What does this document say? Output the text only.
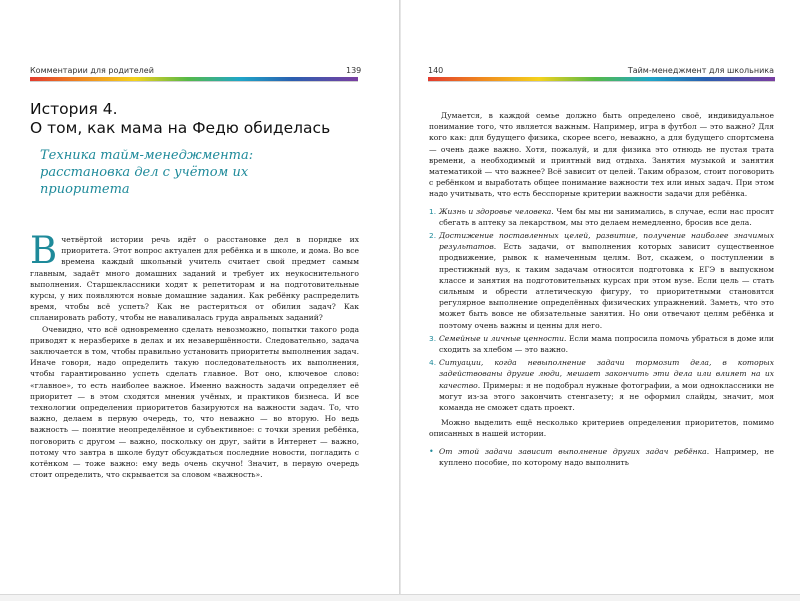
Комментарии для родителей	139
История 4.
О том, как мама на Федю обиделась
Техника тайм-менеджмента: расстановка дел с учётом их приоритета

Вчетвёртой истории речь идёт о расстановке дел в порядке их приоритета. Этот вопрос актуален для ребёнка и в школе, и дома. Во все времена каждый школьный учитель считает свой предмет самым главным, задаёт много домашних заданий и требует их неукоснительного выполнения. Старшеклассники ходят к репетиторам и на подготовительные курсы, у них появляются новые домашние задания. Как ребёнку распределить время, чтобы всё успеть? Как не растеряться от обилия задач? Как спланировать работу, чтобы не наваливалась груда авральных заданий?

Очевидно, что всё одновременно сделать невозможно, попытки такого рода приводят к неразберихе в делах и их незавершённости. Следовательно, задача заключается в том, чтобы правильно установить приоритеты выполнения задач. Иначе говоря, надо определить такую последовательность их выполнения, чтобы гарантированно успеть сделать главное. Вот оно, ключевое слово: «главное», то есть наиболее важное. Именно важность задачи определяет её приоритет — в этом сходятся мнения учёных, и практиков бизнеса. И все технологии определения приоритетов базируются на важности задач. То, что важно, делаем в первую очередь, то, что неважно — во вторую. Но ведь важность — понятие неопределённое и субъективное: с точки зрения ребёнка, поговорить с другом — важно, поскольку он друг, зайти в Интернет — важно, потому что завтра в школе будут обсуждаться последние новости, погладить с котёнком — тоже важно: ему ведь очень скучно! Значит, в первую очередь стоит определить, что скрывается за словом «важность».

140	Тайм-менеджмент для школьника

Думается, в каждой семье должно быть определено своё, индивидуальное понимание того, что является важным. Например, игра в футбол — это важно? Для кого как: для будущего физика, скорее всего, неважно, а для будущего спортсмена — очень даже важно. Хотя, пожалуй, и для физика это отнюдь не пустая трата времени, а необходимый и приятный вид отдыха. Занятия музыкой и занятия математикой — что важнее? Всё зависит от целей. Таким образом, стоит поговорить с ребёнком и выработать общее понимание важности тех или иных задач. При этом надо учитывать, что есть бесспорные критерии важности задачи для ребёнка.

1. Жизнь и здоровье человека. Чем бы мы ни занимались, в случае, если нас просят сбегать в аптеку за лекарством, мы это делаем немедленно, бросив все дела.
2. Достижение поставленных целей, развитие, получение наиболее значимых результатов. Есть задачи, от выполнения которых зависит существенное продвижение, рывок к намеченным целям. Вот, скажем, о поступлении в престижный вуз, к таким задачам относятся подготовка к ЕГЭ в выпускном классе и занятия на подготовительных курсах при этом вузе. Если цель — стать сильным и обрести атлетическую фигуру, то приоритетными становятся регулярное выполнение определённых физических упражнений. Заметь, что это может быть вовсе не обязательные занятия. Но они отвечают целям ребёнка и поэтому очень важны и ценны для него.
3. Семейные и личные ценности. Если мама попросила помочь убраться в доме или сходить за хлебом — это важно.
4. Ситуации, когда невыполнение задачи тормозит дела, в которых задействованы другие люди, мешает закончить эти дела или влияет на их качество. Примеры: я не подобрал нужные фотографии, а мои одноклассники не могут из-за этого закончить стенгазету; я не оформил слайды, значит, моя команда не сможет сдать проект.

Можно выделить ещё несколько критериев определения приоритетов, помимо описанных в нашей истории.

• От этой задачи зависит выполнение других задач ребёнка. Например, не куплено пособие, по которому надо выполнить
